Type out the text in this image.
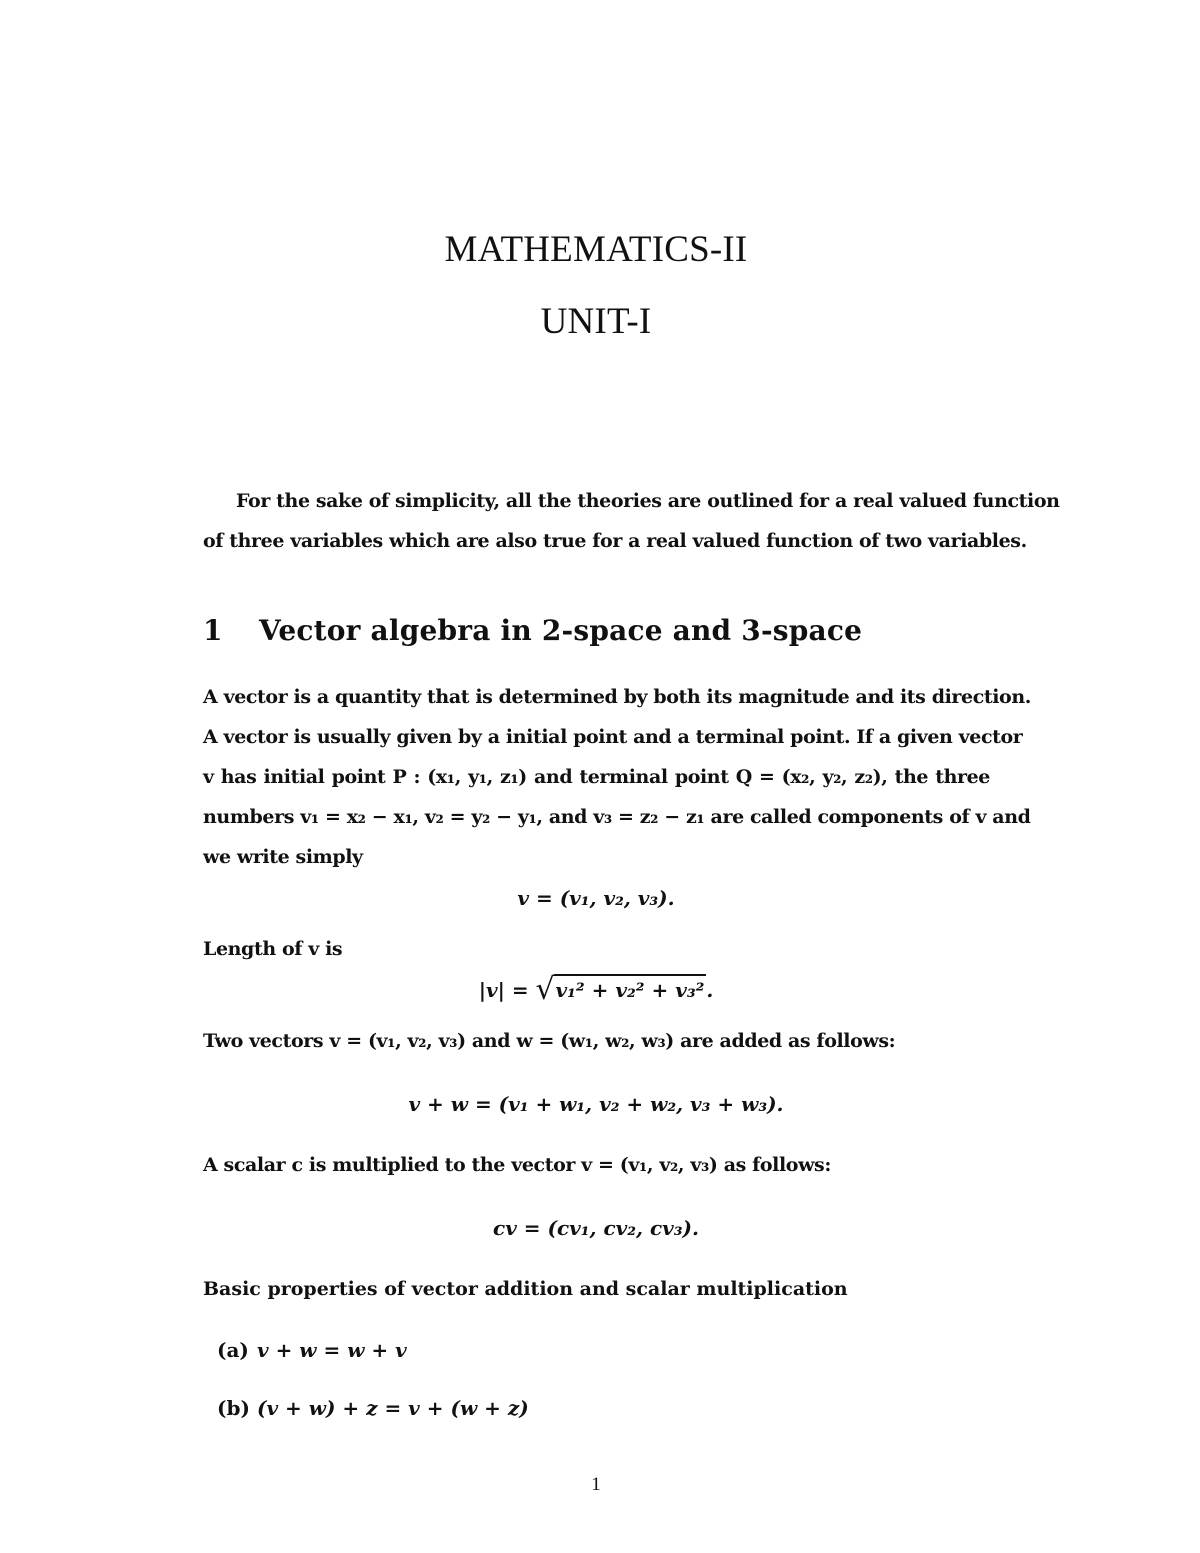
MATHEMATICS-II
UNIT-I
For the sake of simplicity, all the theories are outlined for a real valued function
of three variables which are also true for a real valued function of two variables.
1 Vector algebra in 2-space and 3-space
A vector is a quantity that is determined by both its magnitude and its direction.
A vector is usually given by a initial point and a terminal point. If a given vector
v has initial point P : (x₁, y₁, z₁) and terminal point Q = (x₂, y₂, z₂), the three
numbers v₁ = x₂ − x₁, v₂ = y₂ − y₁, and v₃ = z₂ − z₁ are called components of v and
we write simply
v = (v₁, v₂, v₃).
Length of v is
|v| = √ v₁² + v₂² + v₃² .
Two vectors v = (v₁, v₂, v₃) and w = (w₁, w₂, w₃) are added as follows:
v + w = (v₁ + w₁, v₂ + w₂, v₃ + w₃).
A scalar c is multiplied to the vector v = (v₁, v₂, v₃) as follows:
cv = (cv₁, cv₂, cv₃).
Basic properties of vector addition and scalar multiplication
(a) v + w = w + v
(b) (v + w) + z = v + (w + z)
1
